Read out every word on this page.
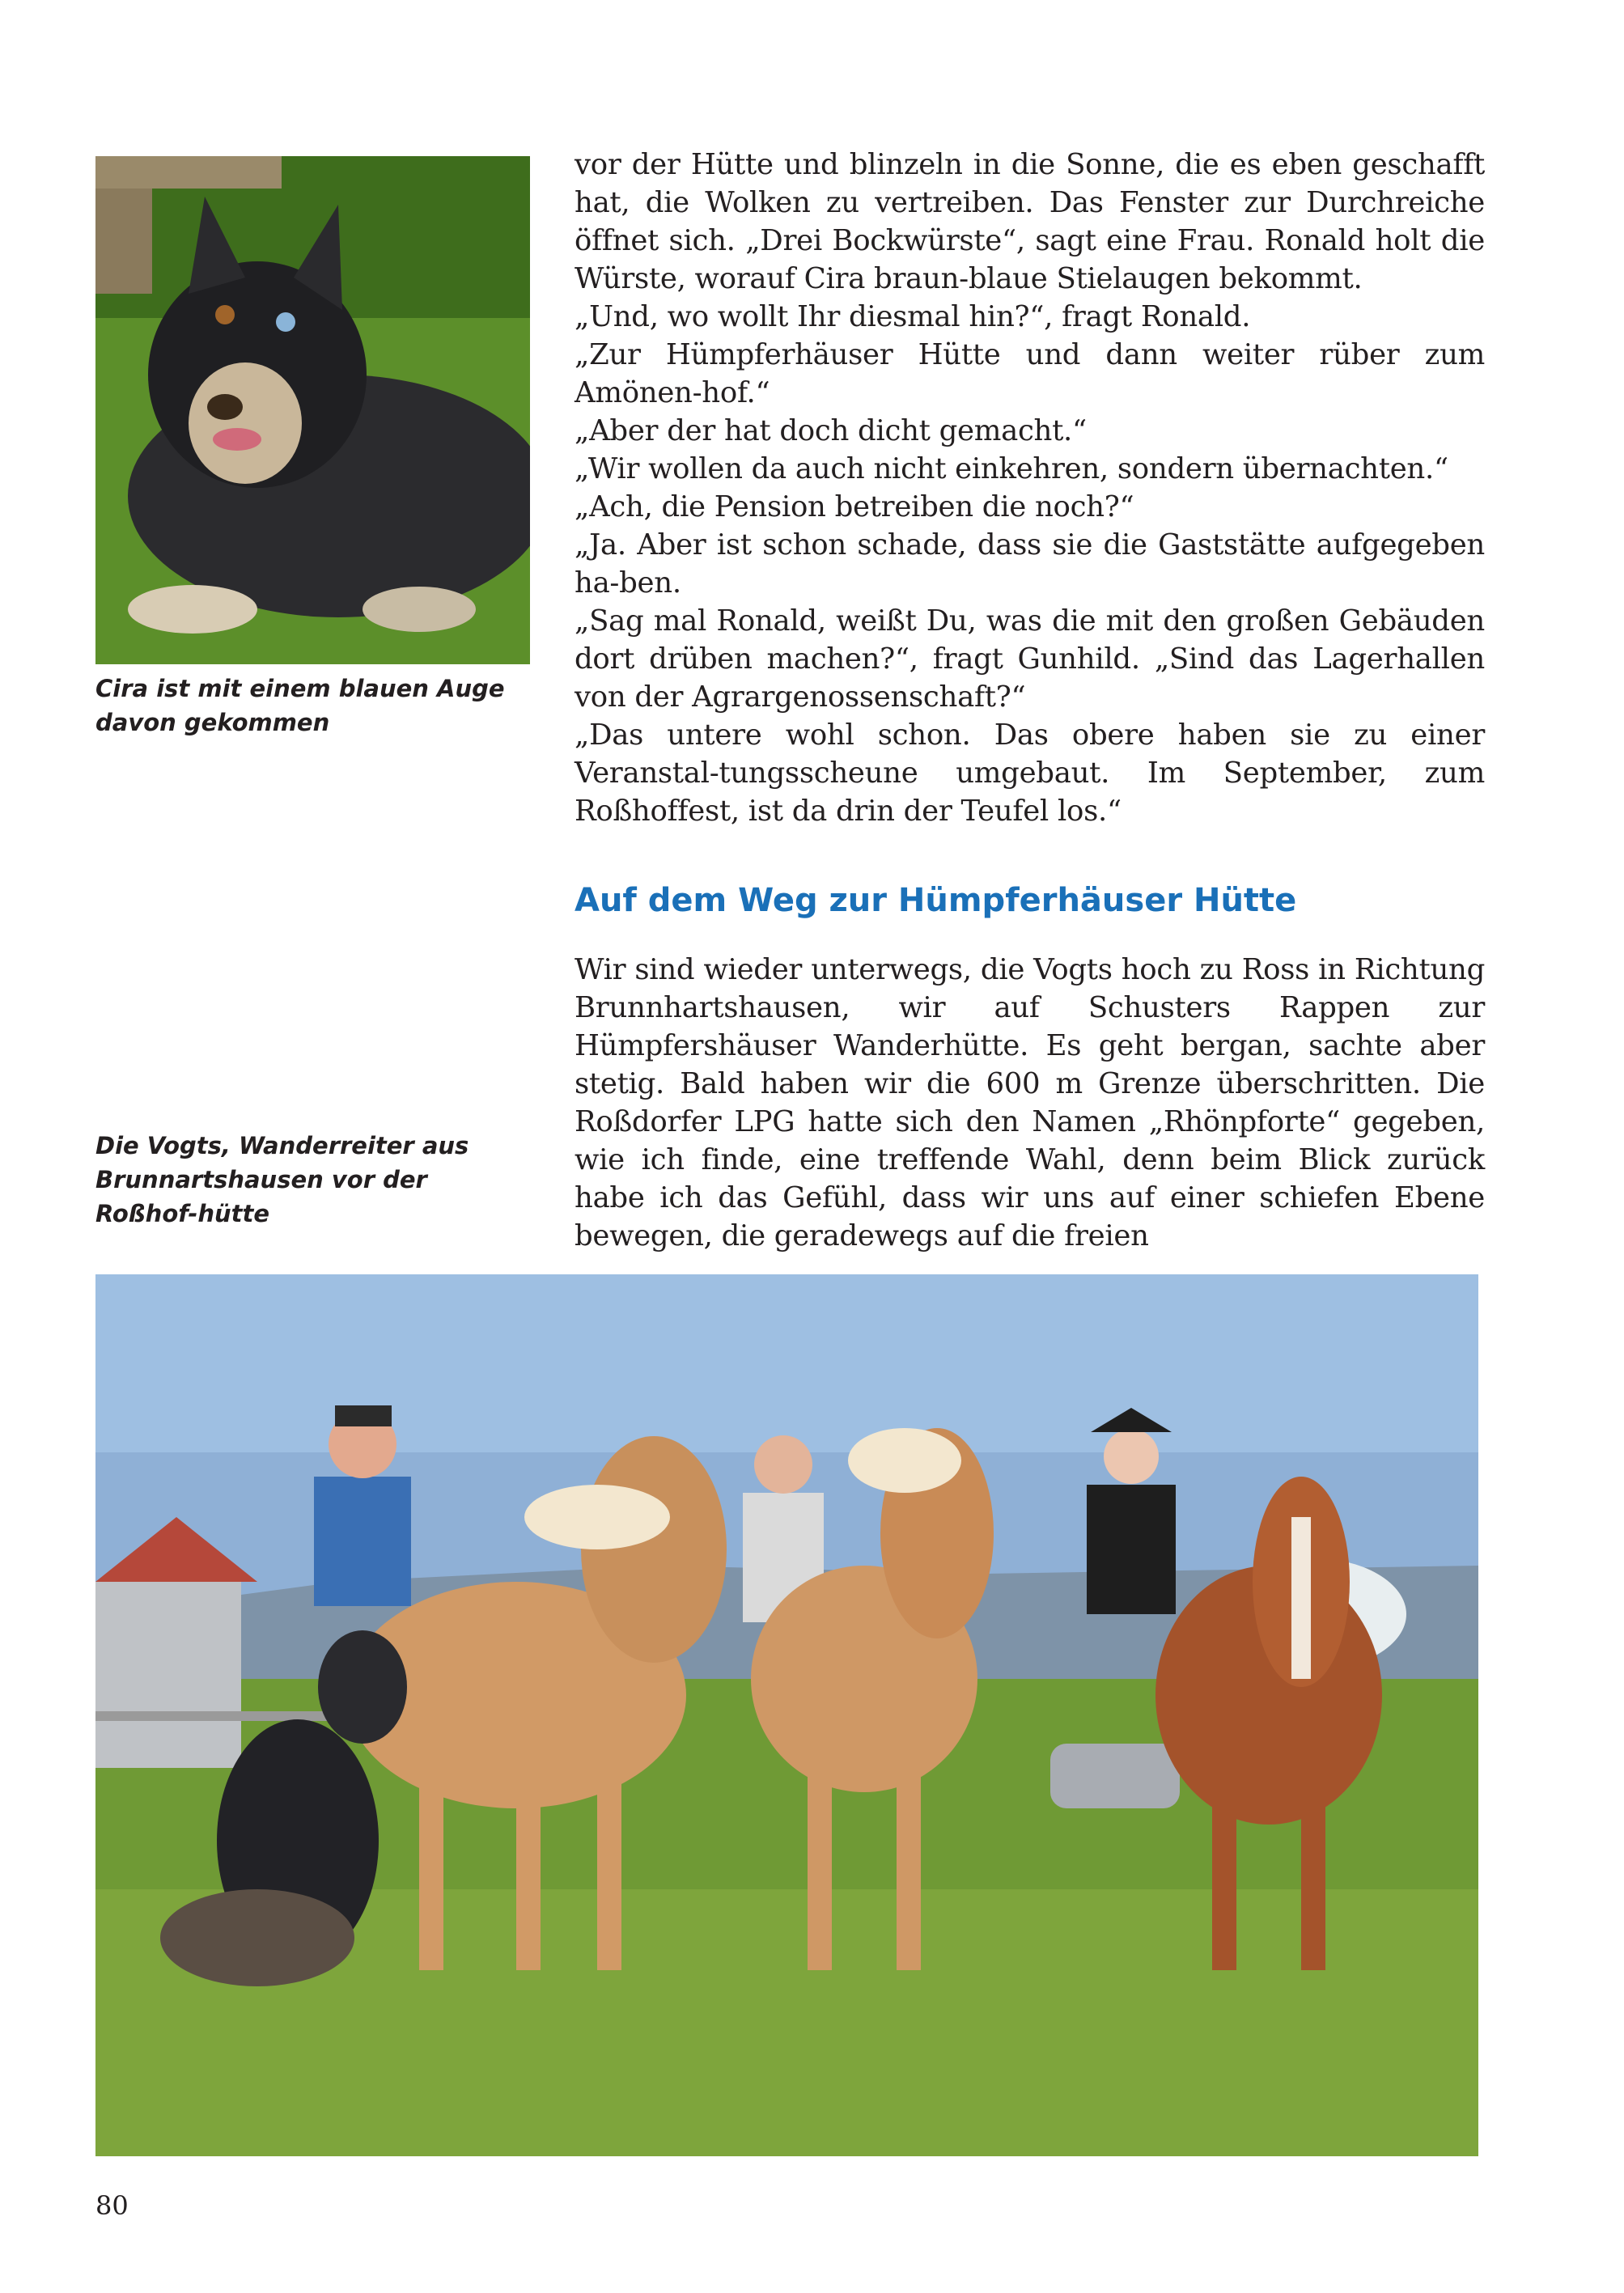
Cira ist mit einem blauen Auge davon gekommen

vor der Hütte und blinzeln in die Sonne, die es eben geschafft hat, die Wolken zu vertreiben. Das Fenster zur Durchreiche öffnet sich. „Drei Bockwürste“, sagt eine Frau. Ronald holt die Würste, worauf Cira braun-blaue Stielaugen bekommt.

„Und, wo wollt Ihr diesmal hin?“, fragt Ronald.

„Zur Hümpferhäuser Hütte und dann weiter rüber zum Amönen-hof.“

„Aber der hat doch dicht gemacht.“

„Wir wollen da auch nicht einkehren, sondern übernachten.“

„Ach, die Pension betreiben die noch?“

„Ja. Aber ist schon schade, dass sie die Gaststätte aufgegeben ha-ben.

„Sag mal Ronald, weißt Du, was die mit den großen Gebäuden dort drüben machen?“, fragt Gunhild. „Sind das Lagerhallen von der Agrargenossenschaft?“

„Das untere wohl schon. Das obere haben sie zu einer Veranstal-tungsscheune umgebaut. Im September, zum Roßhoffest, ist da drin der Teufel los.“

Auf dem Weg zur Hümpferhäuser Hütte

Wir sind wieder unterwegs, die Vogts hoch zu Ross in Richtung Brunnhartshausen, wir auf Schusters Rappen zur Hümpfershäuser Wanderhütte. Es geht bergan, sachte aber stetig. Bald haben wir die 600 m Grenze überschritten. Die Roßdorfer LPG hatte sich den Namen „Rhönpforte“ gegeben, wie ich finde, eine treffende Wahl, denn beim Blick zurück habe ich das Gefühl, dass wir uns auf einer schiefen Ebene bewegen, die geradewegs auf die freien

Die Vogts, Wanderreiter aus Brunnartshausen vor der Roßhof-hütte
80
